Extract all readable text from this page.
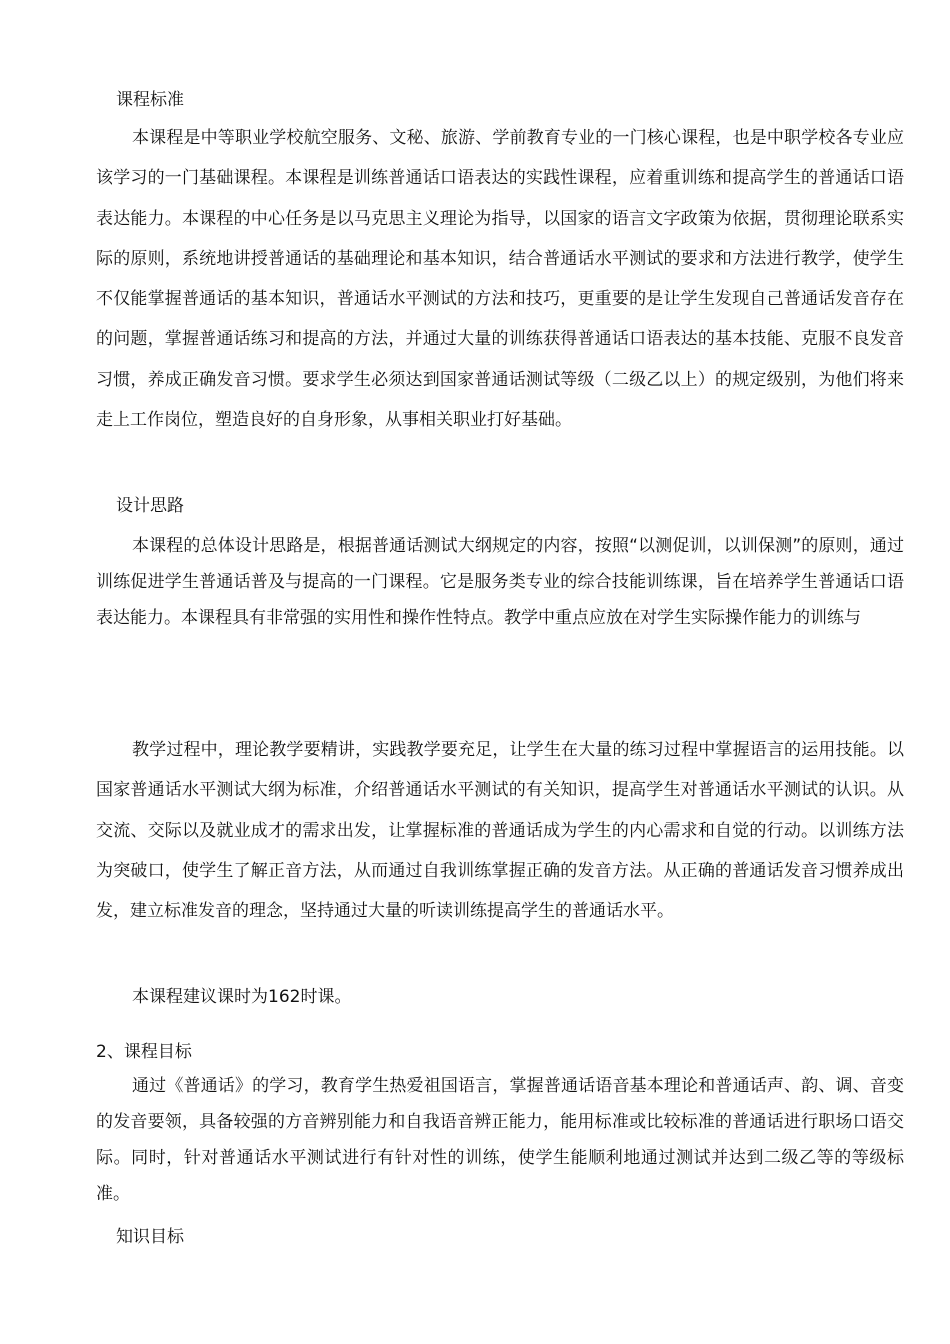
课程标准

本课程是中等职业学校航空服务、文秘、旅游、学前教育专业的一门核心课程，也是中职学校各专业应该学习的一门基础课程。本课程是训练普通话口语表达的实践性课程，应着重训练和提高学生的普通话口语表达能力。本课程的中心任务是以马克思主义理论为指导，以国家的语言文字政策为依据，贯彻理论联系实际的原则，系统地讲授普通话的基础理论和基本知识，结合普通话水平测试的要求和方法进行教学，使学生不仅能掌握普通话的基本知识，普通话水平测试的方法和技巧，更重要的是让学生发现自己普通话发音存在的问题，掌握普通话练习和提高的方法，并通过大量的训练获得普通话口语表达的基本技能、克服不良发音习惯，养成正确发音习惯。要求学生必须达到国家普通话测试等级（二级乙以上）的规定级别，为他们将来走上工作岗位，塑造良好的自身形象，从事相关职业打好基础。

设计思路

本课程的总体设计思路是，根据普通话测试大纲规定的内容，按照“以测促训，以训保测”的原则，通过训练促进学生普通话普及与提高的一门课程。它是服务类专业的综合技能训练课，旨在培养学生普通话口语表达能力。本课程具有非常强的实用性和操作性特点。教学中重点应放在对学生实际操作能力的训练与

教学过程中，理论教学要精讲，实践教学要充足，让学生在大量的练习过程中掌握语言的运用技能。以国家普通话水平测试大纲为标准，介绍普通话水平测试的有关知识，提高学生对普通话水平测试的认识。从交流、交际以及就业成才的需求出发，让掌握标准的普通话成为学生的内心需求和自觉的行动。以训练方法为突破口，使学生了解正音方法，从而通过自我训练掌握正确的发音方法。从正确的普通话发音习惯养成出发，建立标准发音的理念，坚持通过大量的听读训练提高学生的普通话水平。

本课程建议课时为162时课。

2、课程目标

通过《普通话》的学习，教育学生热爱祖国语言，掌握普通话语音基本理论和普通话声、韵、调、音变的发音要领，具备较强的方音辨别能力和自我语音辨正能力，能用标准或比较标准的普通话进行职场口语交际。同时，针对普通话水平测试进行有针对性的训练，使学生能顺利地通过测试并达到二级乙等的等级标准。

知识目标
